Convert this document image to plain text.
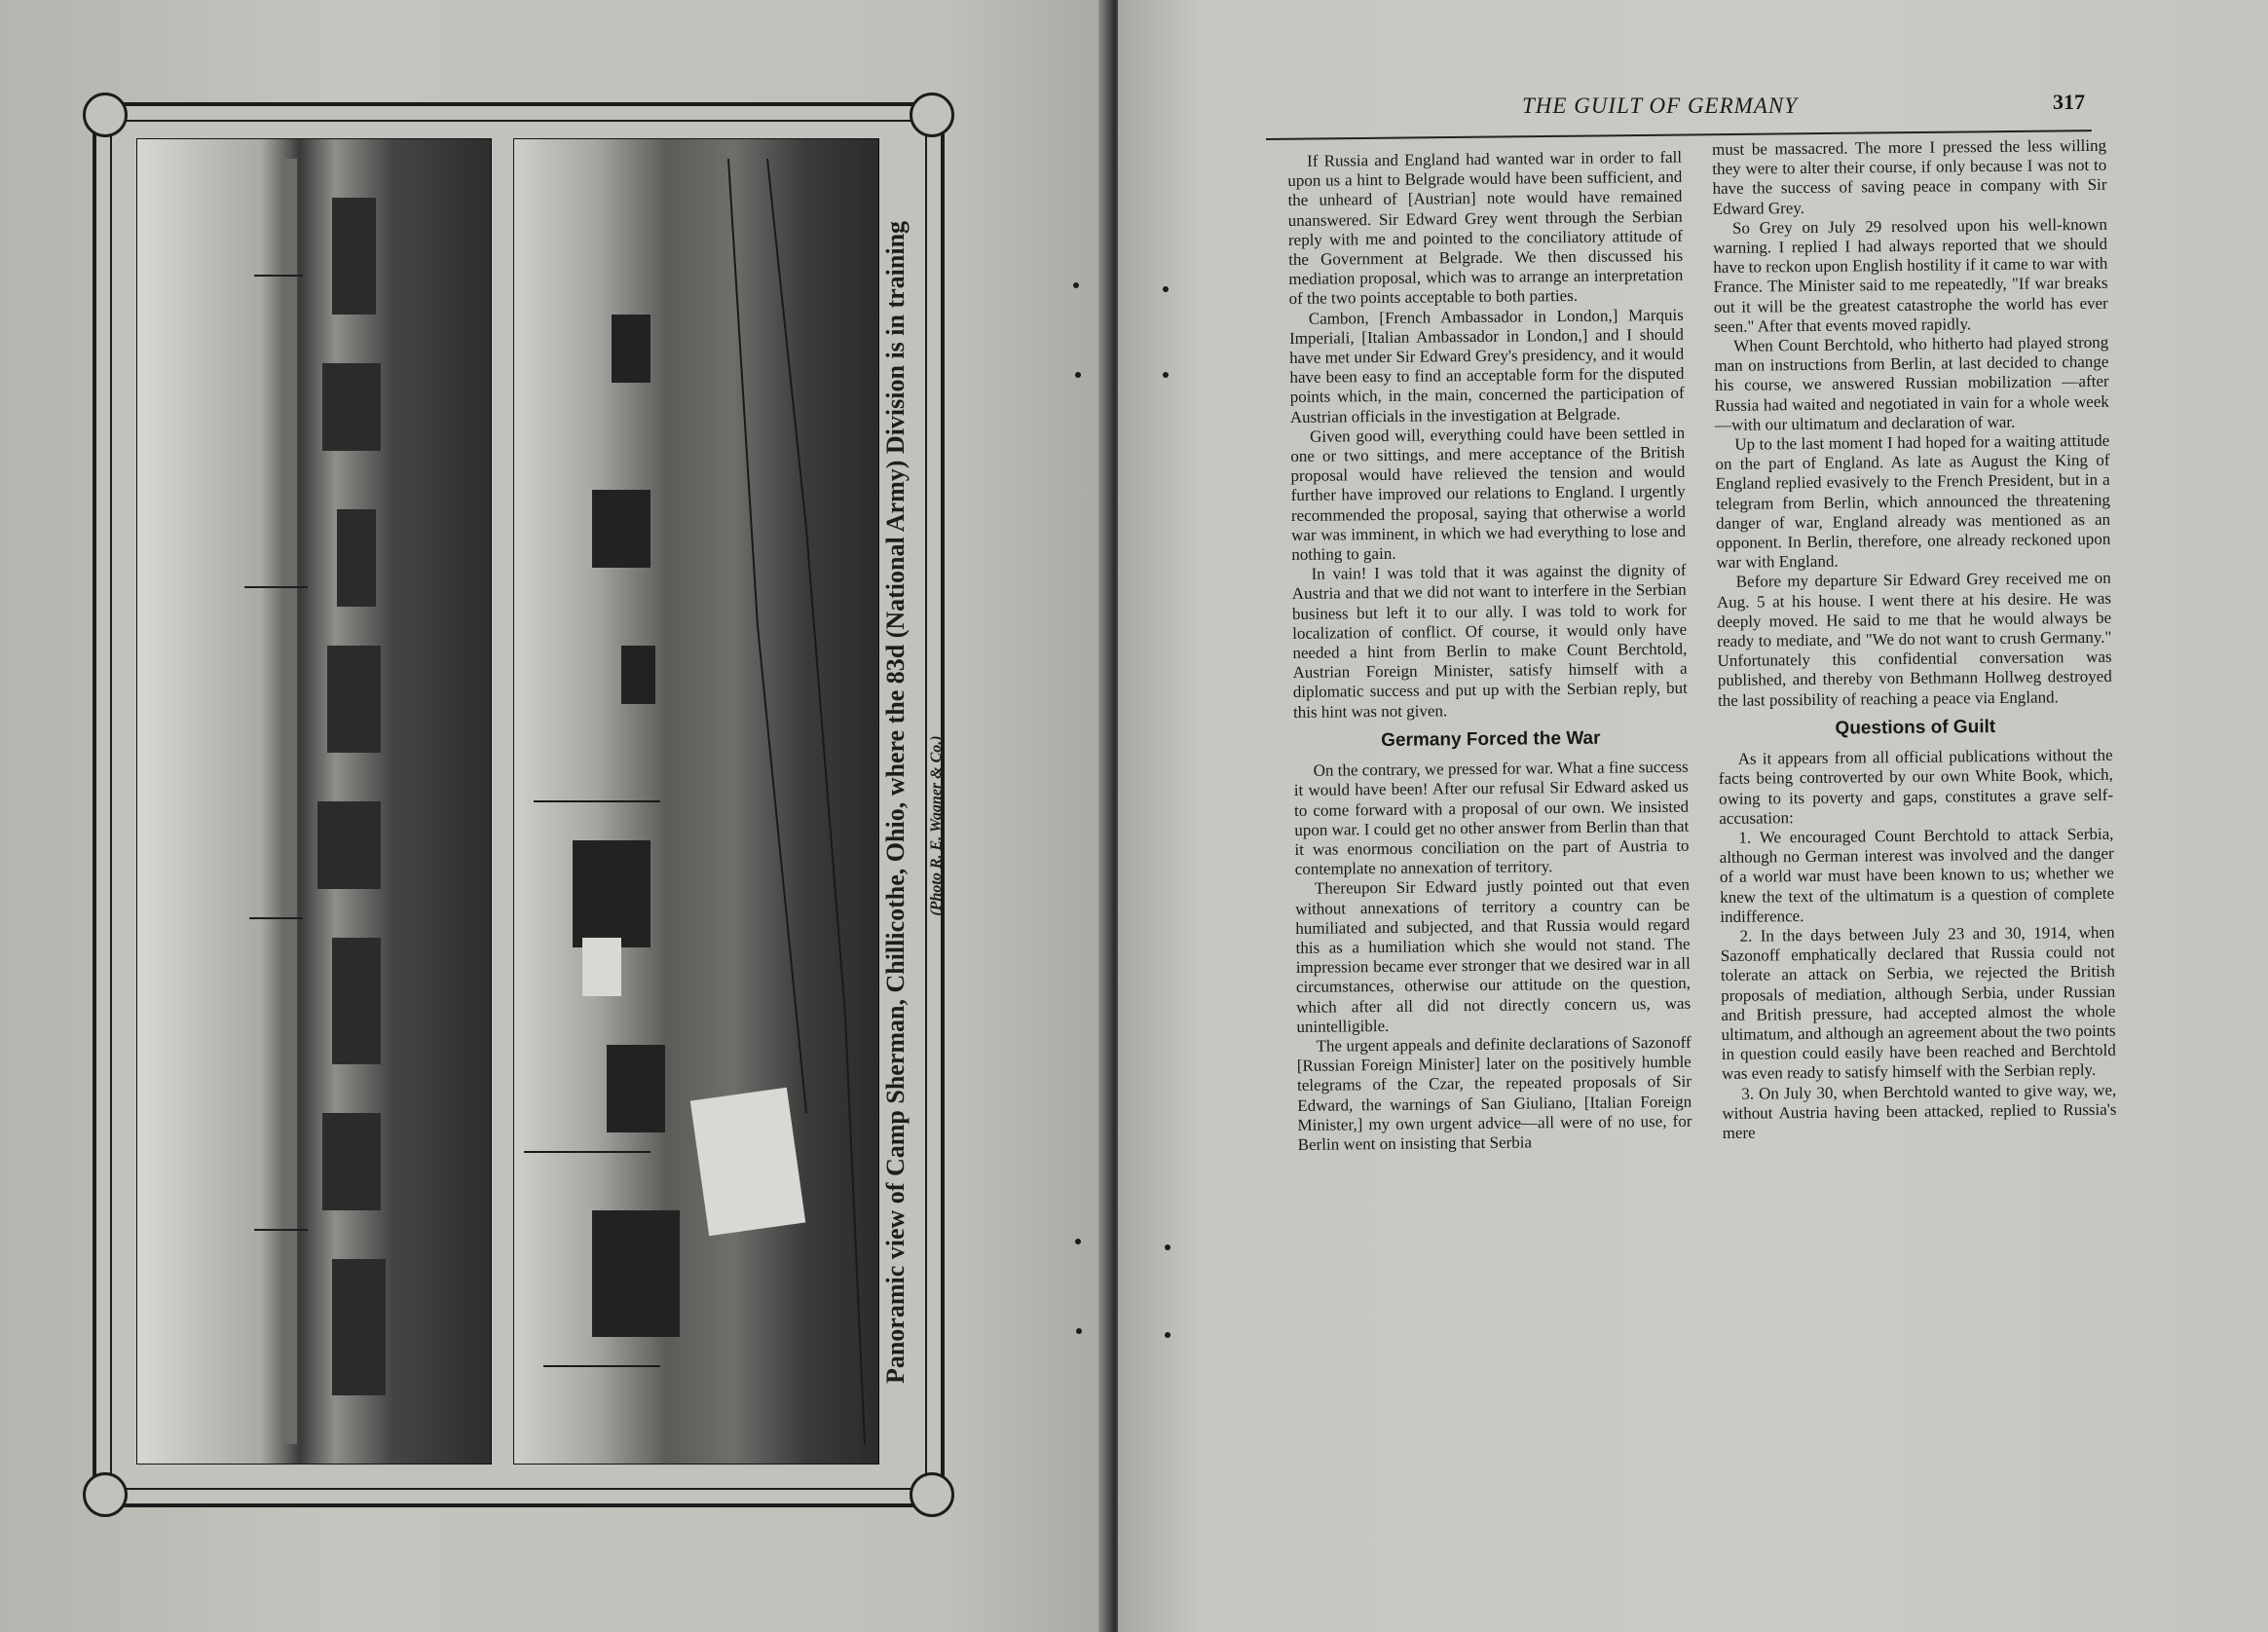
Panoramic view of Camp Sherman, Chillicothe, Ohio, where the 83d (National Army) Division is in training (Photo R. E. Wagner & Co.)
THE GUILT OF GERMANY	317

If Russia and England had wanted war in order to fall upon us a hint to Belgrade would have been sufficient, and the unheard of [Austrian] note would have remained unanswered. Sir Edward Grey went through the Serbian reply with me and pointed to the conciliatory attitude of the Government at Belgrade. We then discussed his mediation proposal, which was to arrange an interpretation of the two points acceptable to both parties.

Cambon, [French Ambassador in London,] Marquis Imperiali, [Italian Ambassador in London,] and I should have met under Sir Edward Grey's presidency, and it would have been easy to find an acceptable form for the disputed points which, in the main, concerned the participation of Austrian officials in the investigation at Belgrade.

Given good will, everything could have been settled in one or two sittings, and mere acceptance of the British proposal would have relieved the tension and would further have improved our relations to England. I urgently recommended the proposal, saying that otherwise a world war was imminent, in which we had everything to lose and nothing to gain.

In vain! I was told that it was against the dignity of Austria and that we did not want to interfere in the Serbian business but left it to our ally. I was told to work for localization of conflict. Of course, it would only have needed a hint from Berlin to make Count Berchtold, Austrian Foreign Minister, satisfy himself with a diplomatic success and put up with the Serbian reply, but this hint was not given.

Germany Forced the War

On the contrary, we pressed for war. What a fine success it would have been! After our refusal Sir Edward asked us to come forward with a proposal of our own. We insisted upon war. I could get no other answer from Berlin than that it was enormous conciliation on the part of Austria to contemplate no annexation of territory.

Thereupon Sir Edward justly pointed out that even without annexations of territory a country can be humiliated and subjected, and that Russia would regard this as a humiliation which she would not stand. The impression became ever stronger that we desired war in all circumstances, otherwise our attitude on the question, which after all did not directly concern us, was unintelligible.

The urgent appeals and definite declarations of Sazonoff [Russian Foreign Minister] later on the positively humble telegrams of the Czar, the repeated proposals of Sir Edward, the warnings of San Giuliano, [Italian Foreign Minister,] my own urgent advice—all were of no use, for Berlin went on insisting that Serbia

must be massacred. The more I pressed the less willing they were to alter their course, if only because I was not to have the success of saving peace in company with Sir Edward Grey.

So Grey on July 29 resolved upon his well-known warning. I replied I had always reported that we should have to reckon upon English hostility if it came to war with France. The Minister said to me repeatedly, "If war breaks out it will be the greatest catastrophe the world has ever seen." After that events moved rapidly.

When Count Berchtold, who hitherto had played strong man on instructions from Berlin, at last decided to change his course, we answered Russian mobilization —after Russia had waited and negotiated in vain for a whole week—with our ultimatum and declaration of war.

Up to the last moment I had hoped for a waiting attitude on the part of England. As late as August the King of England replied evasively to the French President, but in a telegram from Berlin, which announced the threatening danger of war, England already was mentioned as an opponent. In Berlin, therefore, one already reckoned upon war with England.

Before my departure Sir Edward Grey received me on Aug. 5 at his house. I went there at his desire. He was deeply moved. He said to me that he would always be ready to mediate, and "We do not want to crush Germany." Unfortunately this confidential conversation was published, and thereby von Bethmann Hollweg destroyed the last possibility of reaching a peace via England.

Questions of Guilt

As it appears from all official publications without the facts being controverted by our own White Book, which, owing to its poverty and gaps, constitutes a grave self-accusation:

1. We encouraged Count Berchtold to attack Serbia, although no German interest was involved and the danger of a world war must have been known to us; whether we knew the text of the ultimatum is a question of complete indifference.

2. In the days between July 23 and 30, 1914, when Sazonoff emphatically declared that Russia could not tolerate an attack on Serbia, we rejected the British proposals of mediation, although Serbia, under Russian and British pressure, had accepted almost the whole ultimatum, and although an agreement about the two points in question could easily have been reached and Berchtold was even ready to satisfy himself with the Serbian reply.

3. On July 30, when Berchtold wanted to give way, we, without Austria having been attacked, replied to Russia's mere
